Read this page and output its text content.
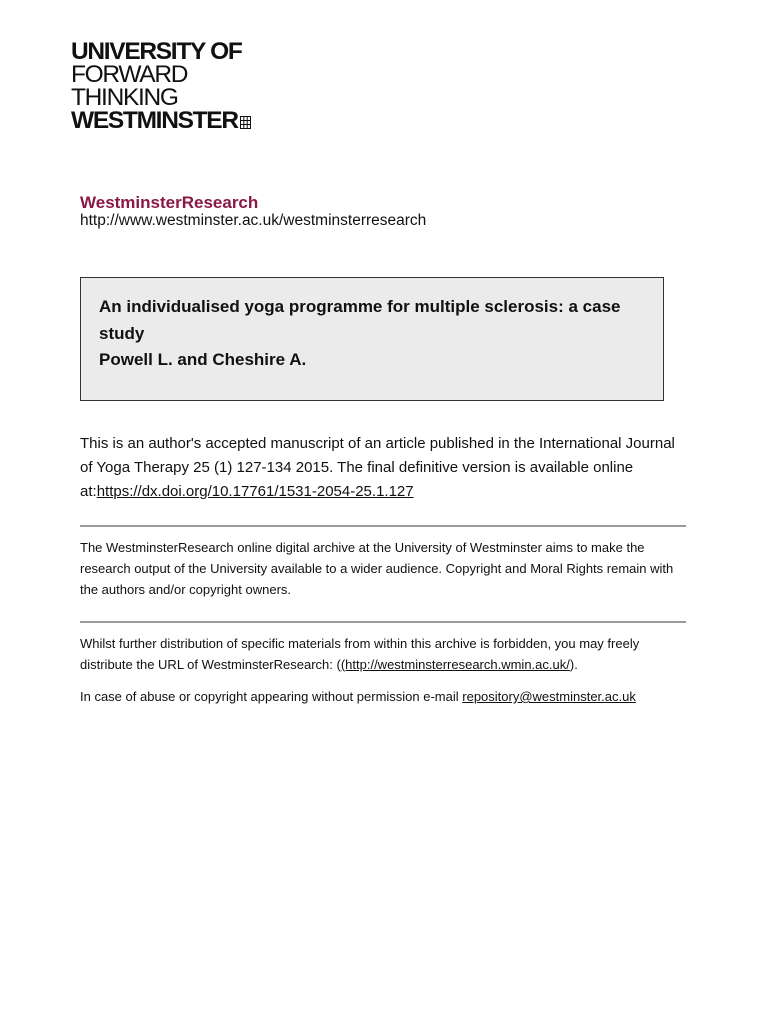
UNIVERSITY OF
FORWARD
THINKING
WESTMINSTER
WestminsterResearch
http://www.westminster.ac.uk/westminsterresearch
An individualised yoga programme for multiple sclerosis: a case study
Powell L. and Cheshire A.
This is an author's accepted manuscript of an article published in the International Journal of Yoga Therapy 25 (1) 127-134 2015. The final definitive version is available online at:https://dx.doi.org/10.17761/1531-2054-25.1.127
The WestminsterResearch online digital archive at the University of Westminster aims to make the research output of the University available to a wider audience. Copyright and Moral Rights remain with the authors and/or copyright owners.
Whilst further distribution of specific materials from within this archive is forbidden, you may freely distribute the URL of WestminsterResearch: ((http://westminsterresearch.wmin.ac.uk/).
In case of abuse or copyright appearing without permission e-mail repository@westminster.ac.uk
